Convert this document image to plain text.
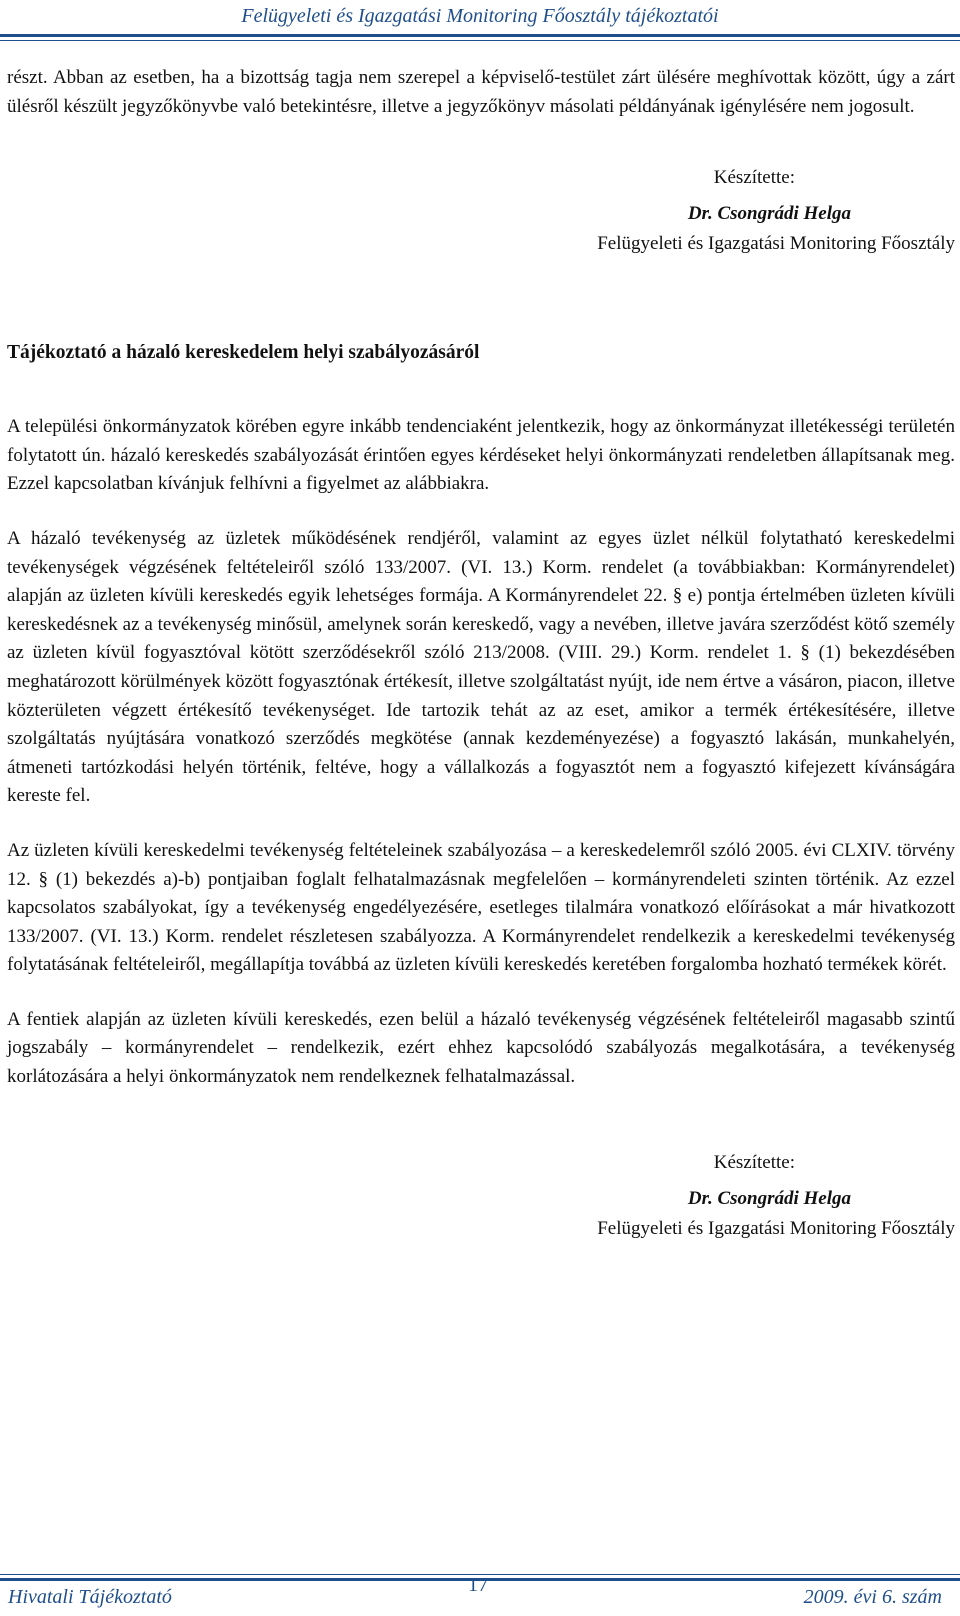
Felügyeleti és Igazgatási Monitoring Főosztály tájékoztatói

részt. Abban az esetben, ha a bizottság tagja nem szerepel a képviselő-testület zárt ülésére meghívottak között, úgy a zárt ülésről készült jegyzőkönyvbe való betekintésre, illetve a jegyzőkönyv másolati példányának igénylésére nem jogosult.

Készítette:

Dr. Csongrádi Helga

Felügyeleti és Igazgatási Monitoring Főosztály

Tájékoztató a házaló kereskedelem helyi szabályozásáról

A települési önkormányzatok körében egyre inkább tendenciaként jelentkezik, hogy az önkormányzat illetékességi területén folytatott ún. házaló kereskedés szabályozását érintően egyes kérdéseket helyi önkormányzati rendeletben állapítsanak meg. Ezzel kapcsolatban kívánjuk felhívni a figyelmet az alábbiakra.

A házaló tevékenység az üzletek működésének rendjéről, valamint az egyes üzlet nélkül folytatható kereskedelmi tevékenységek végzésének feltételeiről szóló 133/2007. (VI. 13.) Korm. rendelet (a továbbiakban: Kormányrendelet) alapján az üzleten kívüli kereskedés egyik lehetséges formája. A Kormányrendelet 22. § e) pontja értelmében üzleten kívüli kereskedésnek az a tevékenység minősül, amelynek során kereskedő, vagy a nevében, illetve javára szerződést kötő személy az üzleten kívül fogyasztóval kötött szerződésekről szóló 213/2008. (VIII. 29.) Korm. rendelet 1. § (1) bekezdésében meghatározott körülmények között fogyasztónak értékesít, illetve szolgáltatást nyújt, ide nem értve a vásáron, piacon, illetve közterületen végzett értékesítő tevékenységet. Ide tartozik tehát az az eset, amikor a termék értékesítésére, illetve szolgáltatás nyújtására vonatkozó szerződés megkötése (annak kezdeményezése) a fogyasztó lakásán, munkahelyén, átmeneti tartózkodási helyén történik, feltéve, hogy a vállalkozás a fogyasztót nem a fogyasztó kifejezett kívánságára kereste fel.

Az üzleten kívüli kereskedelmi tevékenység feltételeinek szabályozása – a kereskedelemről szóló 2005. évi CLXIV. törvény 12. § (1) bekezdés a)-b) pontjaiban foglalt felhatalmazásnak megfelelően – kormányrendeleti szinten történik. Az ezzel kapcsolatos szabályokat, így a tevékenység engedélyezésére, esetleges tilalmára vonatkozó előírásokat a már hivatkozott 133/2007. (VI. 13.) Korm. rendelet részletesen szabályozza. A Kormányrendelet rendelkezik a kereskedelmi tevékenység folytatásának feltételeiről, megállapítja továbbá az üzleten kívüli kereskedés keretében forgalomba hozható termékek körét.

A fentiek alapján az üzleten kívüli kereskedés, ezen belül a házaló tevékenység végzésének feltételeiről magasabb szintű jogszabály – kormányrendelet – rendelkezik, ezért ehhez kapcsolódó szabályozás megalkotására, a tevékenység korlátozására a helyi önkormányzatok nem rendelkeznek felhatalmazással.

Készítette:

Dr. Csongrádi Helga

Felügyeleti és Igazgatási Monitoring Főosztály

Hivatali Tájékoztató
17
2009. évi 6. szám
